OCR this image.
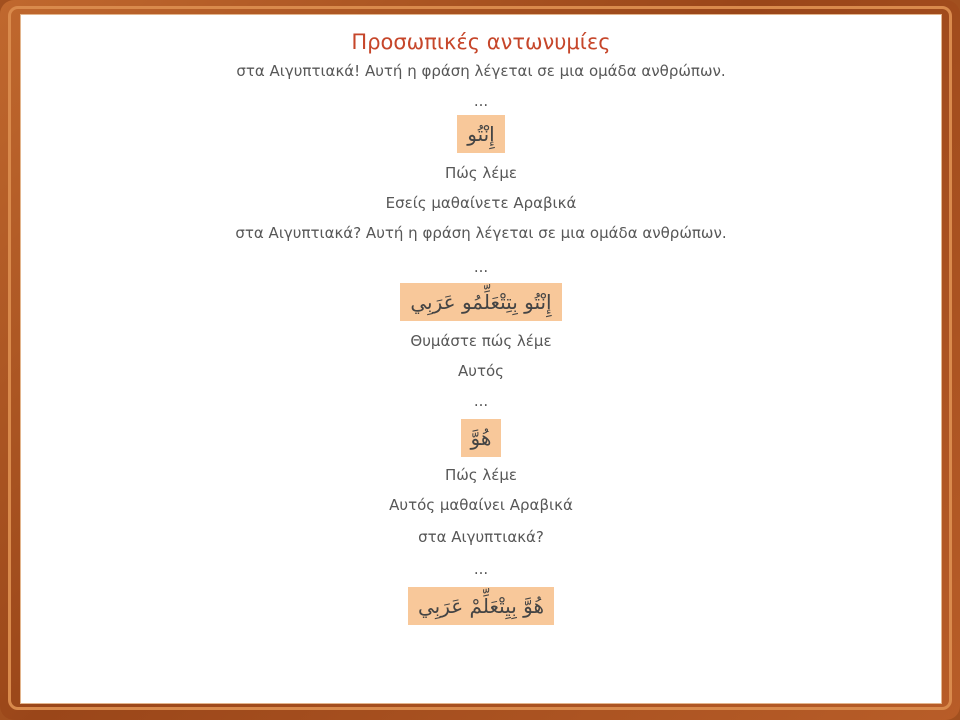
Προσωπικές αντωνυμίες
στα Αιγυπτιακά! Αυτή η φράση λέγεται σε μια ομάδα ανθρώπων.
...
إِنْتُو
Πώς λέμε
Εσείς μαθαίνετε Αραβικά
στα Αιγυπτιακά? Αυτή η φράση λέγεται σε μια ομάδα ανθρώπων.
...
إِنْتُو بِتِتْعَلِّمُو عَرَبِي
Θυμάστε πώς λέμε
Αυτός
...
هُوَّ
Πώς λέμε
Αυτός μαθαίνει Αραβικά
στα Αιγυπτιακά?
...
هُوَّ بِيِتْعَلِّمْ عَرَبِي
